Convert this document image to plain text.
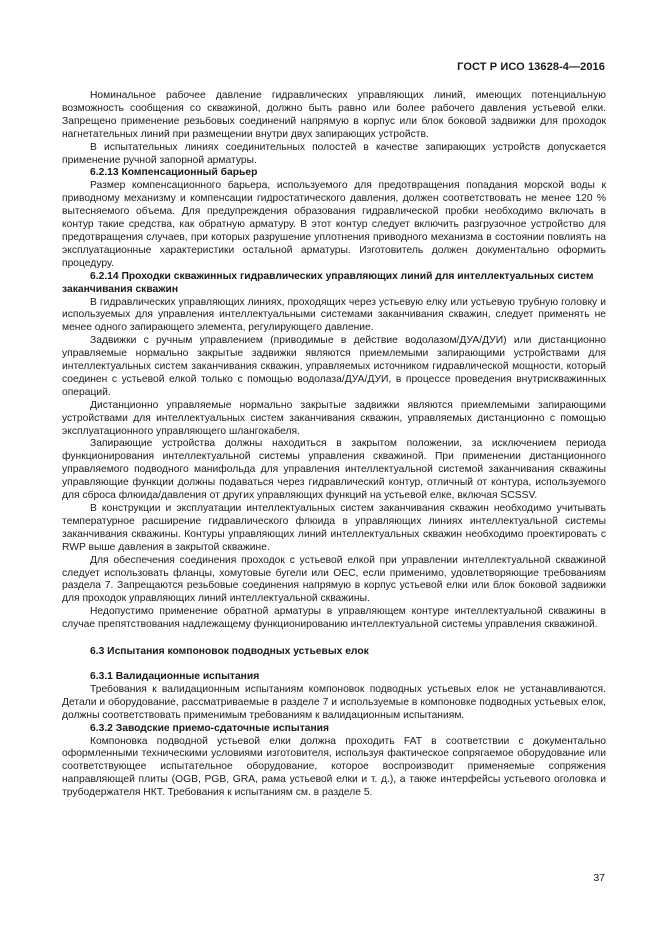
ГОСТ Р ИСО 13628-4—2016

Номинальное рабочее давление гидравлических управляющих линий, имеющих потенциальную возможность сообщения со скважиной, должно быть равно или более рабочего давления устьевой елки. Запрещено применение резьбовых соединений напрямую в корпус или блок боковой задвижки для проходок нагнетательных линий при размещении внутри двух запирающих устройств.

В испытательных линиях соединительных полостей в качестве запирающих устройств допускается применение ручной запорной арматуры.

6.2.13 Компенсационный барьер

Размер компенсационного барьера, используемого для предотвращения попадания морской воды к приводному механизму и компенсации гидростатического давления, должен соответствовать не менее 120 % вытесняемого объема. Для предупреждения образования гидравлической пробки необходимо включать в контур такие средства, как обратную арматуру. В этот контур следует включить разгрузочное устройство для предотвращения случаев, при которых разрушение уплотнения приводного механизма в состоянии повлиять на эксплуатационные характеристики остальной арматуры. Изготовитель должен документально оформить процедуру.

6.2.14 Проходки скважинных гидравлических управляющих линий для интеллектуальных систем заканчивания скважин

В гидравлических управляющих линиях, проходящих через устьевую елку или устьевую трубную головку и используемых для управления интеллектуальными системами заканчивания скважин, следует применять не менее одного запирающего элемента, регулирующего давление.

Задвижки с ручным управлением (приводимые в действие водолазом/ДУА/ДУИ) или дистанционно управляемые нормально закрытые задвижки являются приемлемыми запирающими устройствами для интеллектуальных систем заканчивания скважин, управляемых источником гидравлической мощности, который соединен с устьевой елкой только с помощью водолаза/ДУА/ДУИ, в процессе проведения внутрискважинных операций.

Дистанционно управляемые нормально закрытые задвижки являются приемлемыми запирающими устройствами для интеллектуальных систем заканчивания скважин, управляемых дистанционно с помощью эксплуатационного управляющего шлангокабеля.

Запирающие устройства должны находиться в закрытом положении, за исключением периода функционирования интеллектуальной системы управления скважиной. При применении дистанционного управляемого подводного манифольда для управления интеллектуальной системой заканчивания скважины управляющие функции должны подаваться через гидравлический контур, отличный от контура, используемого для сброса флюида/давления от других управляющих функций на устьевой елке, включая SCSSV.

В конструкции и эксплуатации интеллектуальных систем заканчивания скважин необходимо учитывать температурное расширение гидравлического флюида в управляющих линиях интеллектуальной системы заканчивания скважины. Контуры управляющих линий интеллектуальных скважин необходимо проектировать с RWP выше давления в закрытой скважине.

Для обеспечения соединения проходок с устьевой елкой при управлении интеллектуальной скважиной следует использовать фланцы, хомутовые бугели или OEC, если применимо, удовлетворяющие требованиям раздела 7. Запрещаются резьбовые соединения напрямую в корпус устьевой елки или блок боковой задвижки для проходок управляющих линий интеллектуальной скважины.

Недопустимо применение обратной арматуры в управляющем контуре интеллектуальной скважины в случае препятствования надлежащему функционированию интеллектуальной системы управления скважиной.

6.3 Испытания компоновок подводных устьевых елок
6.3.1 Валидационные испытания

Требования к валидационным испытаниям компоновок подводных устьевых елок не устанавливаются. Детали и оборудование, рассматриваемые в разделе 7 и используемые в компоновке подводных устьевых елок, должны соответствовать применимым требованиям к валидационным испытаниям.

6.3.2 Заводские приемо-сдаточные испытания

Компоновка подводной устьевой елки должна проходить FAT в соответствии с документально оформленными техническими условиями изготовителя, используя фактическое сопрягаемое оборудование или соответствующее испытательное оборудование, которое воспроизводит применяемые сопряжения направляющей плиты (OGB, PGB, GRA, рама устьевой елки и т. д.), а также интерфейсы устьевого оголовка и трубодержателя НКТ. Требования к испытаниям см. в разделе 5.

37
